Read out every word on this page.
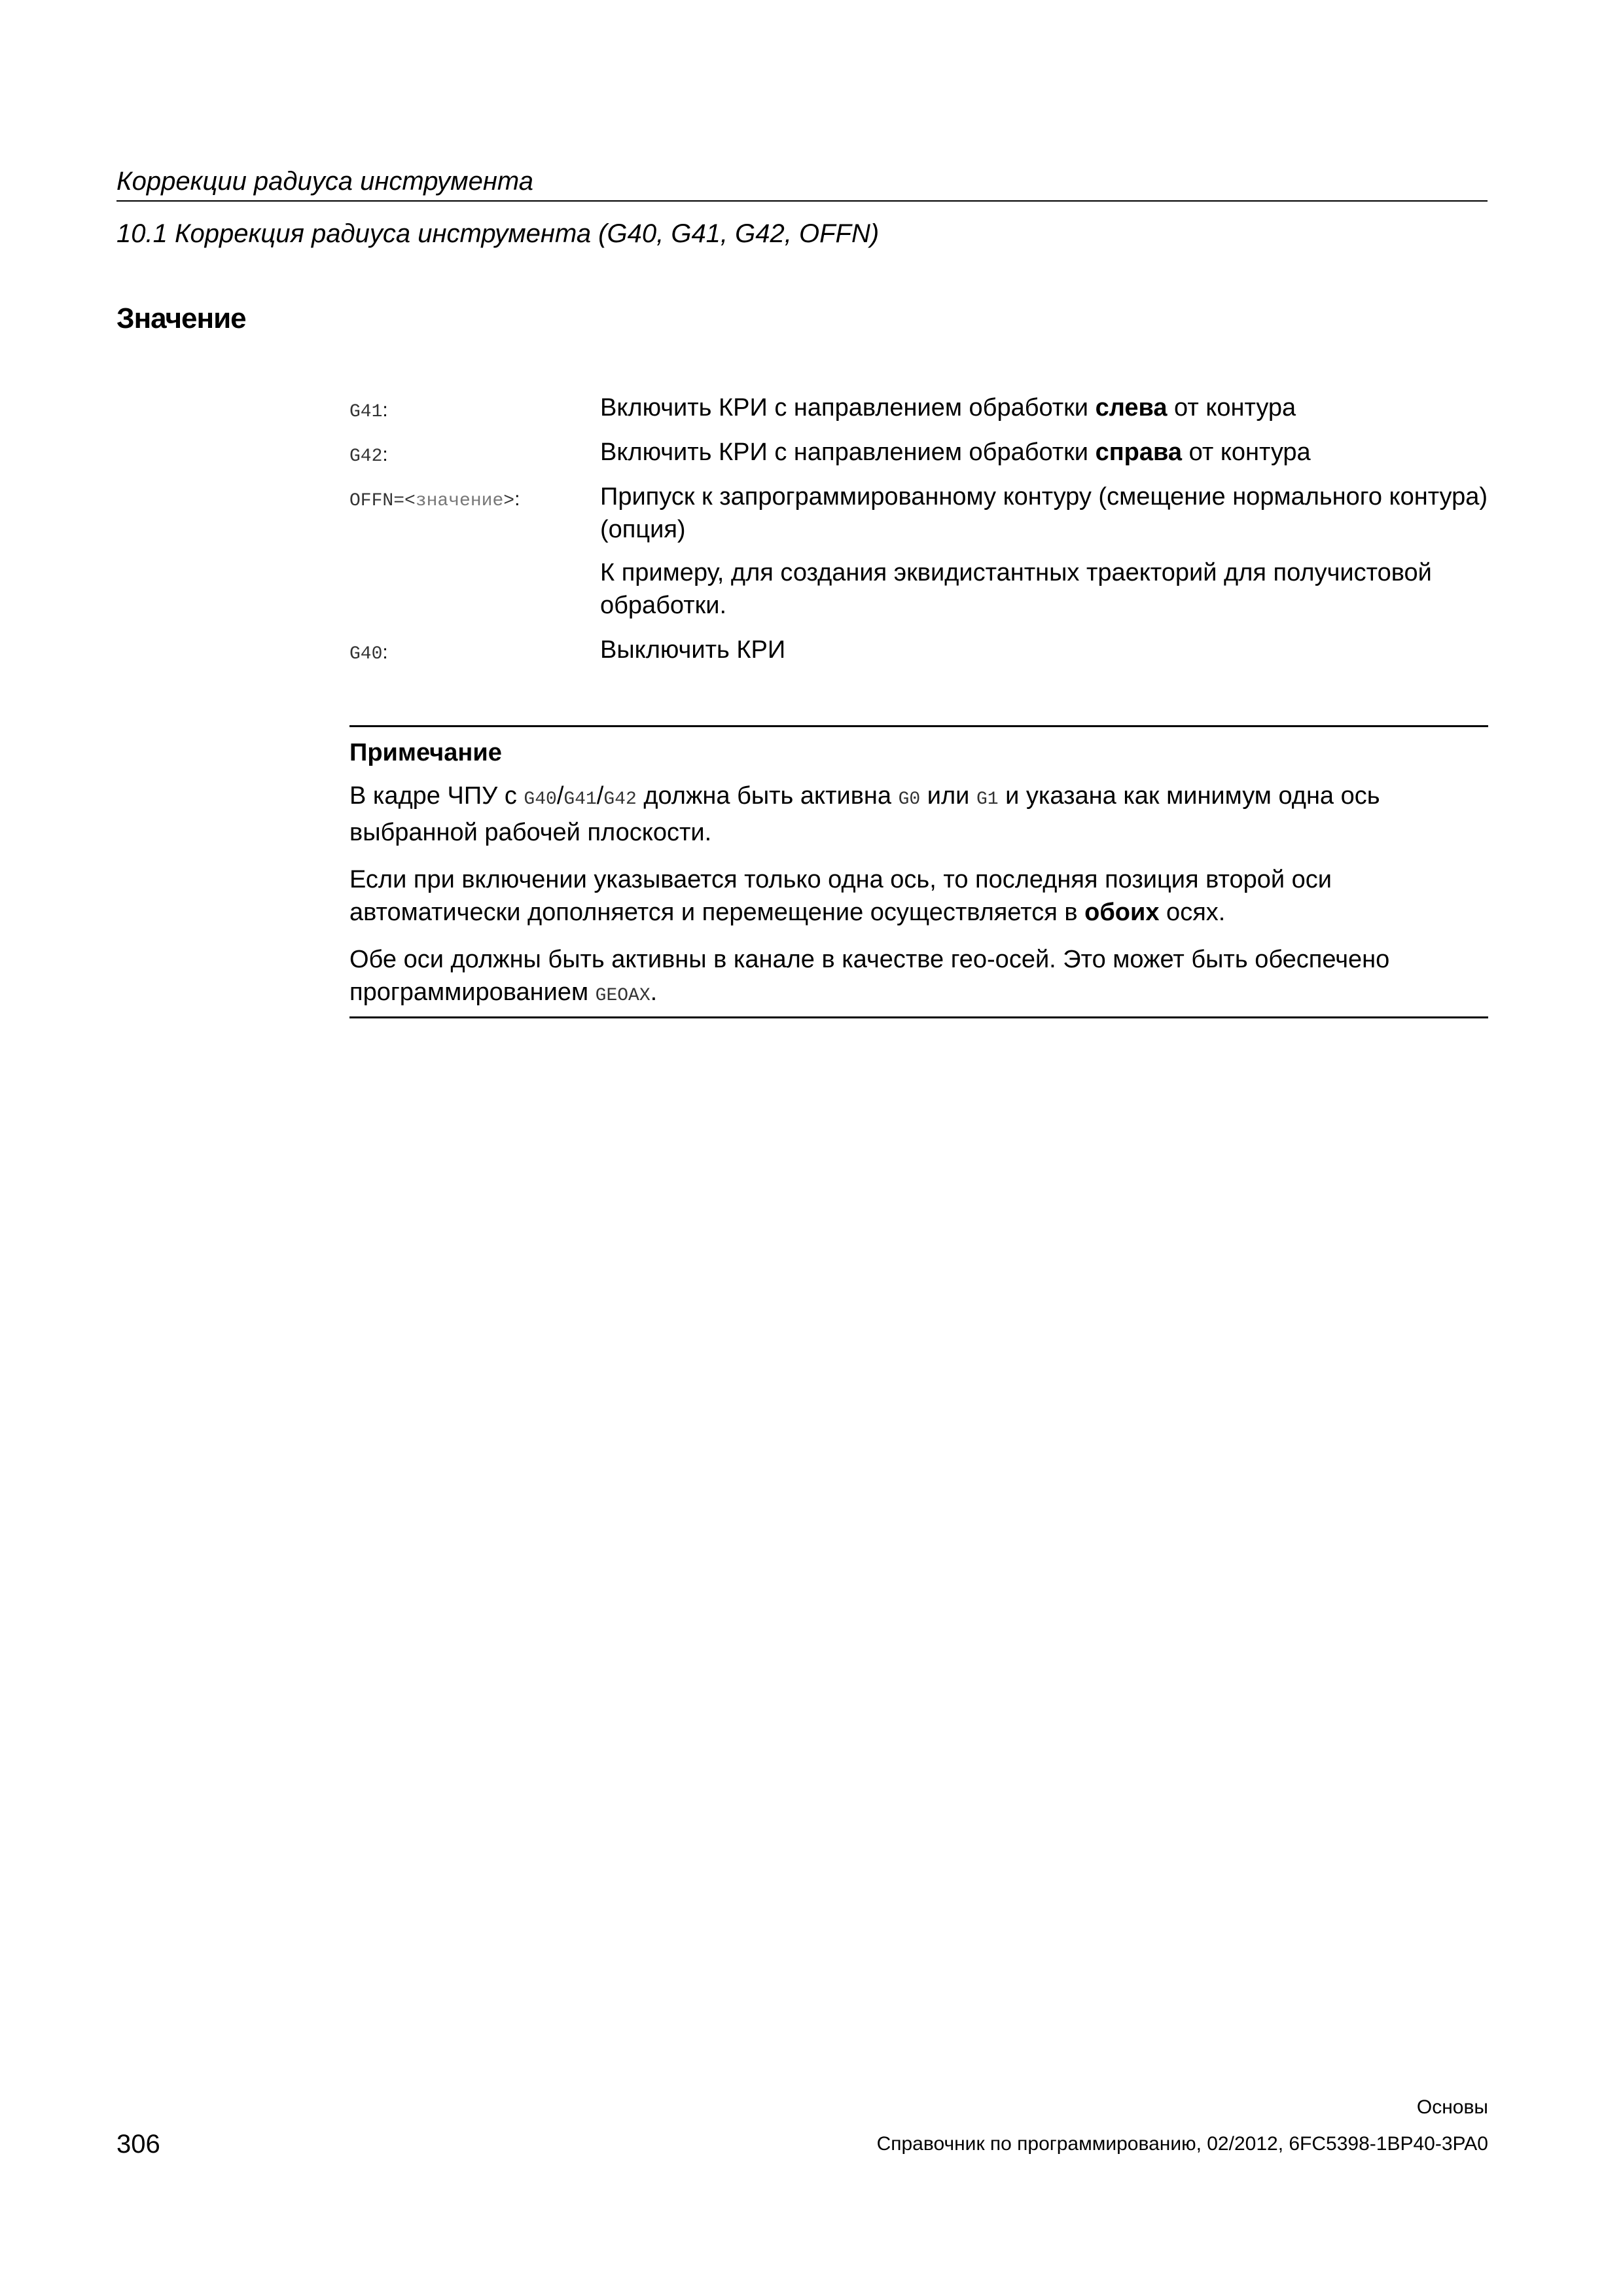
Коррекции радиуса инструмента
10.1 Коррекция радиуса инструмента (G40, G41, G42, OFFN)
Значение
G41:	Включить КРИ с направлением обработки слева от контура

G42:	Включить КРИ с направлением обработки справа от контура

OFFN=<значение>:	Припуск к запрограммированному контуру (смещение нормального контура) (опция)

К примеру, для создания эквидистантных траекторий для получистовой обработки.

G40:	Выключить КРИ

Примечание

В кадре ЧПУ с G40/G41/G42 должна быть активна G0 или G1 и указана как минимум одна ось выбранной рабочей плоскости.

Если при включении указывается только одна ось, то последняя позиция второй оси автоматически дополняется и перемещение осуществляется в обоих осях.

Обе оси должны быть активны в канале в качестве гео-осей. Это может быть обеспечено программированием GEOAX.

306
Основы
Справочник по программированию, 02/2012, 6FC5398-1BP40-3PA0
